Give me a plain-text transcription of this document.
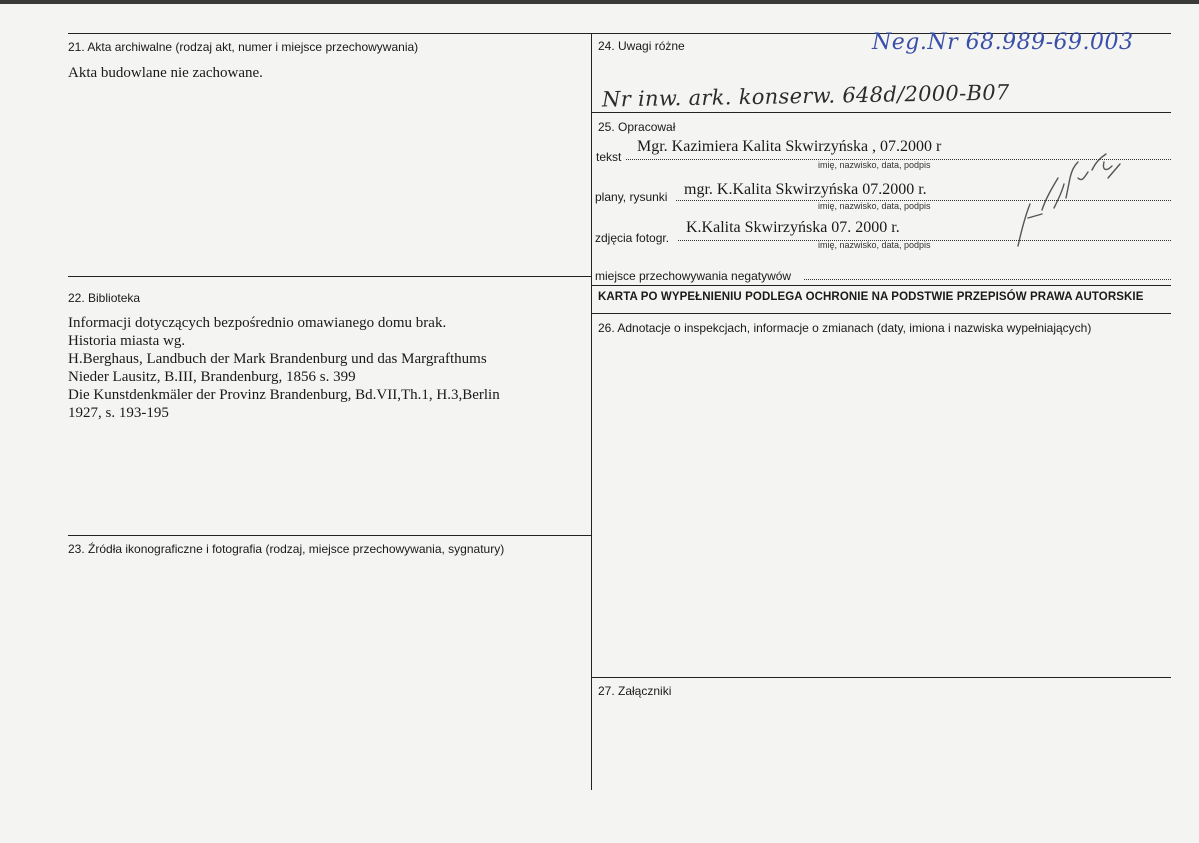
21. Akta archiwalne (rodzaj akt, numer i miejsce przechowywania)
Akta budowlane nie zachowane.
22. Biblioteka
Informacji dotyczących bezpośrednio omawianego domu brak.
Historia miasta wg.
H.Berghaus, Landbuch der Mark Brandenburg und das Margrafthums
Nieder Lausitz, B.III, Brandenburg, 1856 s. 399
Die Kunstdenkmäler der Provinz Brandenburg, Bd.VII,Th.1, H.3,Berlin
1927, s. 193-195
23. Źródła ikonograficzne i fotografia (rodzaj, miejsce przechowywania, sygnatury)
24. Uwagi różne	Neg.Nr 68.989-69.003
Nr inw. ark. konserw. 648d/2000-B07
25. Opracował
tekst
Mgr. Kazimiera Kalita Skwirzyńska , 07.2000 r
imię, nazwisko, data, podpis
plany, rysunki mgr. K.Kalita Skwirzyńska 07.2000 r.
imię, nazwisko, data, podpis
zdjęcia fotogr.
K.Kalita Skwirzyńska 07. 2000 r.
imię, nazwisko, data, podpis
miejsce przechowywania negatywów
KARTA PO WYPEŁNIENIU PODLEGA OCHRONIE NA PODSTWIE PRZEPISÓW PRAWA AUTORSKIE
26. Adnotacje o inspekcjach, informacje o zmianach (daty, imiona i nazwiska wypełniających)
27. Załączniki
